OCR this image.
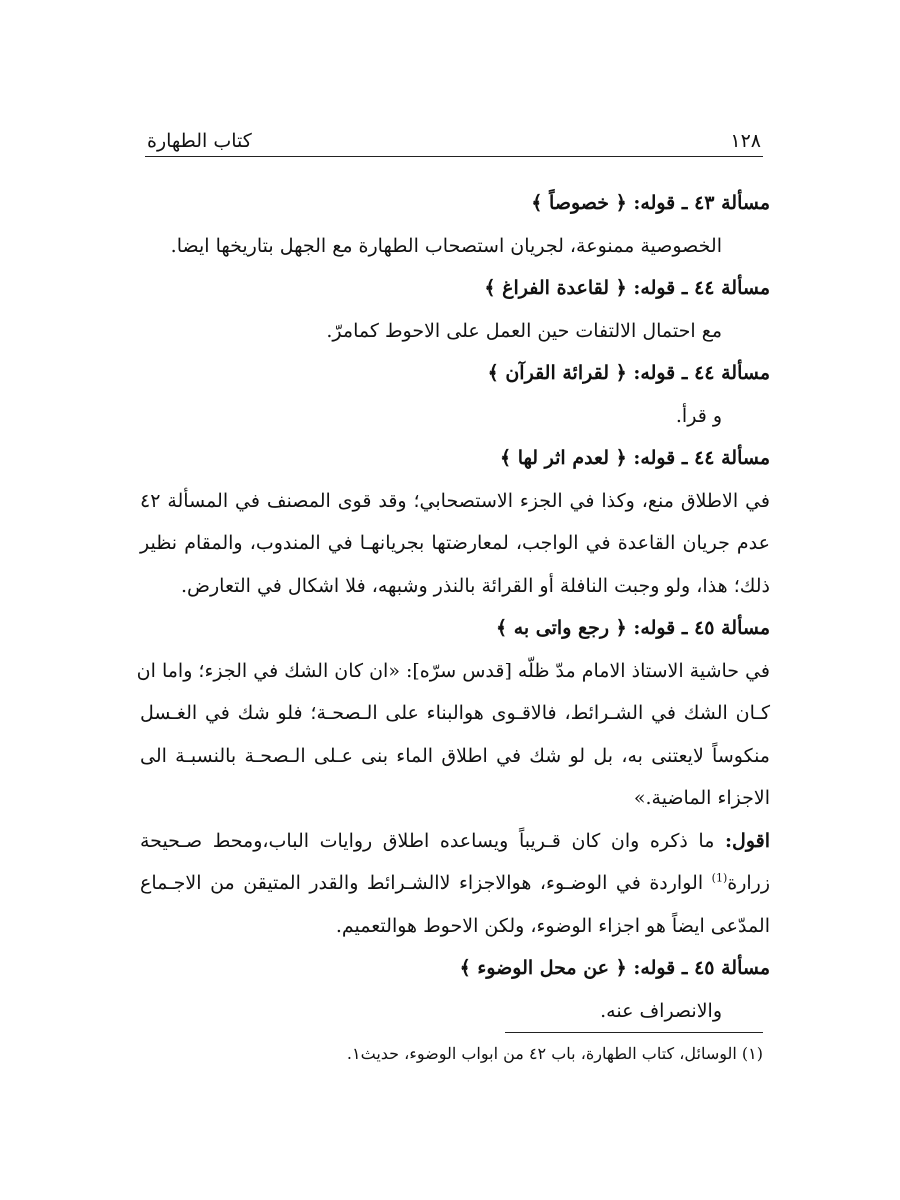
١٢٨
كتاب الطهارة
مسألة ٤٣ ـ قوله: ﴿ خصوصاً ﴾
الخصوصية ممنوعة، لجريان استصحاب الطهارة مع الجهل بتاريخها ايضا.
مسألة ٤٤ ـ قوله: ﴿ لقاعدة الفراغ ﴾
مع احتمال الالتفات حين العمل على الاحوط كمامرّ.
مسألة ٤٤ ـ قوله: ﴿ لقرائة القرآن ﴾
و قرأ.
مسألة ٤٤ ـ قوله: ﴿ لعدم اثر لها ﴾
في الاطلاق منع، وكذا في الجزء الاستصحابي؛ وقد قوى المصنف في المسألة ٤٢
عدم جريان القاعدة في الواجب، لمعارضتها بجريانهـا في المندوب، والمقام نظير
ذلك؛ هذا، ولو وجبت النافلة أو القرائة بالنذر وشبهه، فلا اشكال في التعارض.
مسألة ٤٥ ـ قوله: ﴿ رجع واتى به ﴾
في حاشية الاستاذ الامام مدّ ظلّه [قدس سرّه]: «ان كان الشك في الجزء؛ واما ان
كـان الشك في الشـرائط، فالاقـوى هوالبناء على الـصحـة؛ فلو شك في الغـسل
منكوساً لايعتنى به، بل لو شك في اطلاق الماء بنى عـلى الـصحـة بالنسبـة الى
الاجزاء الماضية.»
اقول: ما ذكره وان كان قـريباً ويساعده اطلاق روايات الباب،ومحط صـحيحة
زرارة$^{(1)}$ الواردة في الوضـوء، هوالاجزاء لاالشـرائط والقدر المتيقن من الاجـماع
المدّعى ايضاً هو اجزاء الوضوء، ولكن الاحوط هوالتعميم.
مسألة ٤٥ ـ قوله: ﴿ عن محل الوضوء ﴾
والانصراف عنه.
(١) الوسائل، كتاب الطهارة، باب ٤٢ من ابواب الوضوء، حديث١.
